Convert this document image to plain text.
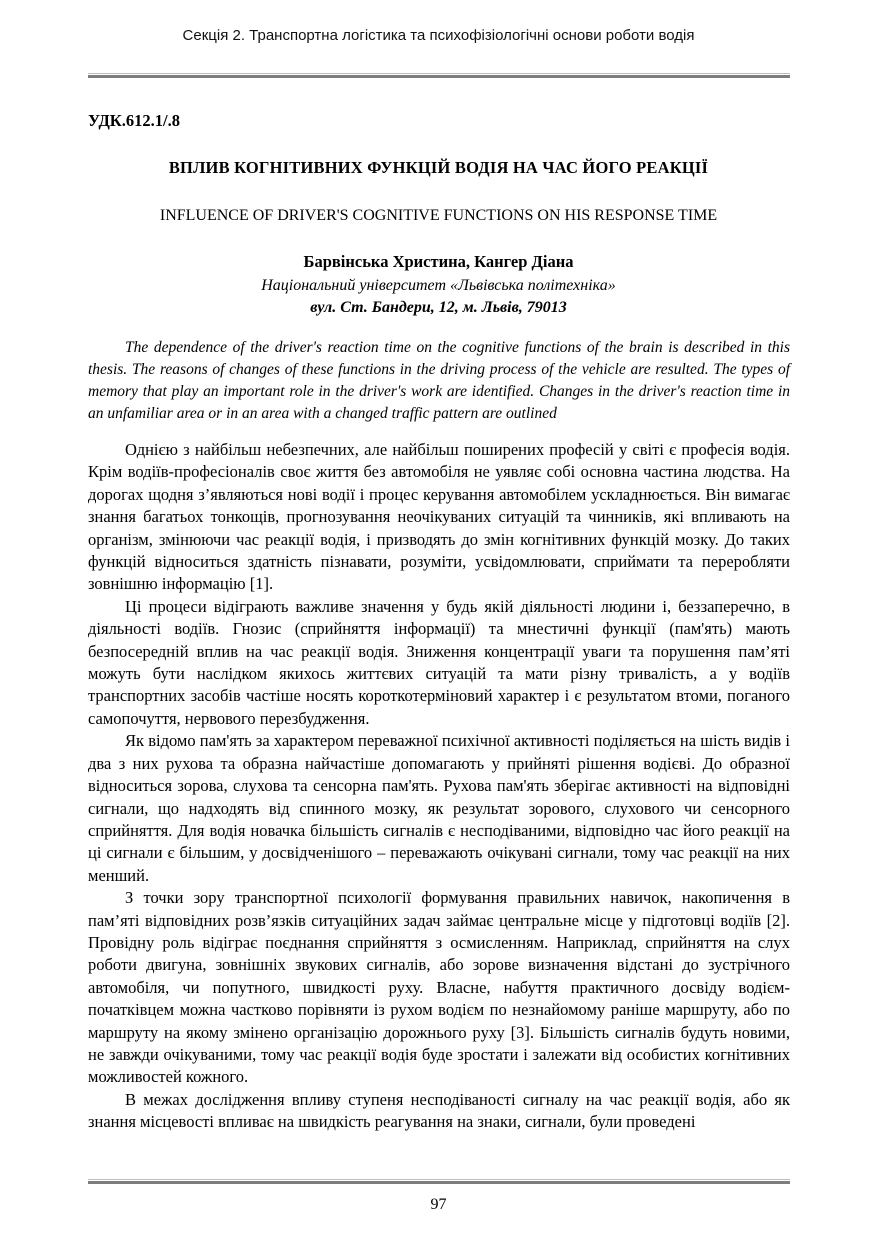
Секція 2. Транспортна логістика та психофізіологічні основи роботи водія
УДК.612.1/.8
ВПЛИВ КОГНІТИВНИХ ФУНКЦІЙ ВОДІЯ НА ЧАС ЙОГО РЕАКЦІЇ
INFLUENCE OF DRIVER'S COGNITIVE FUNCTIONS ON HIS RESPONSE TIME
Барвінська Христина, Кангер Діана
Національний університет «Львівська політехніка»
вул. Ст. Бандери, 12, м. Львів, 79013

The dependence of the driver's reaction time on the cognitive functions of the brain is described in this thesis. The reasons of changes of these functions in the driving process of the vehicle are resulted. The types of memory that play an important role in the driver's work are identified. Changes in the driver's reaction time in an unfamiliar area or in an area with a changed traffic pattern are outlined

Однією з найбільш небезпечних, але найбільш поширених професій у світі є професія водія. Крім водіїв-професіоналів своє життя без автомобіля не уявляє собі основна частина людства. На дорогах щодня з’являються нові водії і процес керування автомобілем ускладнюється. Він вимагає знання багатьох тонкощів, прогнозування неочікуваних ситуацій та чинників, які впливають на організм, змінюючи час реакції водія, і призводять до змін когнітивних функцій мозку. До таких функцій відноситься здатність пізнавати, розуміти, усвідомлювати, сприймати та переробляти зовнішню інформацію [1].

Ці процеси відіграють важливе значення у будь якій діяльності людини і, беззаперечно, в діяльності водіїв. Гнозис (сприйняття інформації) та мнестичні функції (пам'ять) мають безпосередній вплив на час реакції водія. Зниження концентрації уваги та порушення пам’яті можуть бути наслідком якихось життєвих ситуацій та мати різну тривалість, а у водіїв транспортних засобів частіше носять короткотерміновий характер і є результатом втоми, поганого самопочуття, нервового перезбудження.

Як відомо пам'ять за характером переважної психічної активності поділяється на шість видів і два з них рухова та образна найчастіше допомагають у прийняті рішення водієві. До образної відноситься зорова, слухова та сенсорна пам'ять. Рухова пам'ять зберігає активності на відповідні сигнали, що надходять від спинного мозку, як результат зорового, слухового чи сенсорного сприйняття. Для водія новачка більшість сигналів є несподіваними, відповідно час його реакції на ці сигнали є більшим, у досвідченішого – переважають очікувані сигнали, тому час реакції на них менший.

З точки зору транспортної психології формування правильних навичок, накопичення в пам’яті відповідних розв’язків ситуаційних задач займає центральне місце у підготовці водіїв [2]. Провідну роль відіграє поєднання сприйняття з осмисленням. Наприклад, сприйняття на слух роботи двигуна, зовнішніх звукових сигналів, або зорове визначення відстані до зустрічного автомобіля, чи попутного, швидкості руху. Власне, набуття практичного досвіду водієм-початківцем можна частково порівняти із рухом водієм по незнайомому раніше маршруту, або по маршруту на якому змінено організацію дорожнього руху [3]. Більшість сигналів будуть новими, не завжди очікуваними, тому час реакції водія буде зростати і залежати від особистих когнітивних можливостей кожного.

В межах дослідження впливу ступеня несподіваності сигналу на час реакції водія, або як знання місцевості впливає на швидкість реагування на знаки, сигнали, були проведені

97
